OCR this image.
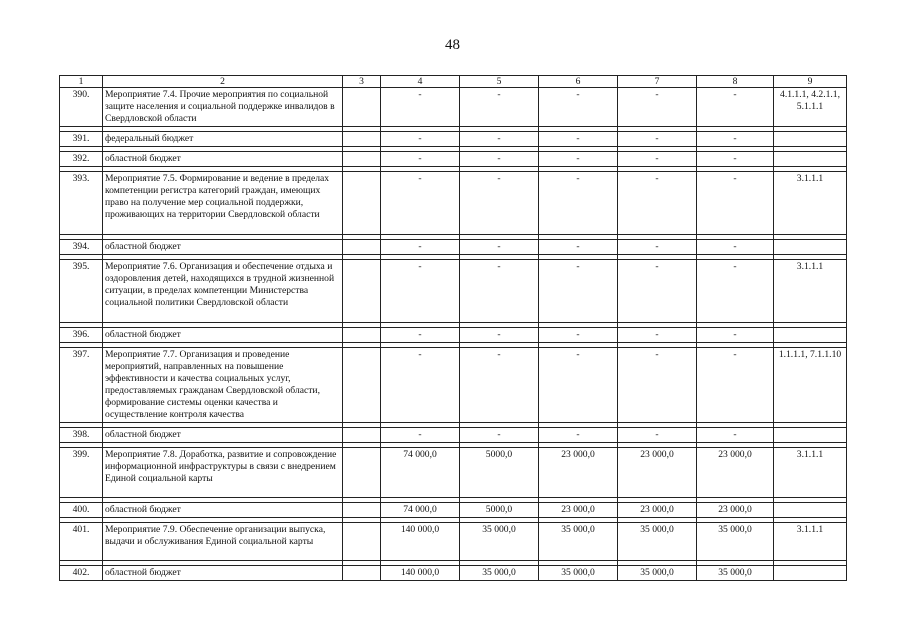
48
1	2	3	4	5	6	7	8	9
390.	Мероприятие 7.4. Прочие мероприятия по социальной защите населения и социальной поддержке инвалидов в Свердловской области		-	-	-	-	-	4.1.1.1, 4.2.1.1, 5.1.1.1

391.	федеральный бюджет		-	-	-	-	-	

392.	областной бюджет		-	-	-	-	-	

393.	Мероприятие 7.5. Формирование и ведение в пределах компетенции регистра категорий граждан, имеющих право на получение мер социальной поддержки, проживающих на территории Свердловской области		-	-	-	-	-	3.1.1.1

394.	областной бюджет		-	-	-	-	-	

395.	Мероприятие 7.6. Организация и обеспечение отдыха и оздоровления детей, находящихся в трудной жизненной ситуации, в пределах компетенции Министерства социальной политики Свердловской области		-	-	-	-	-	3.1.1.1

396.	областной бюджет		-	-	-	-	-	

397.	Мероприятие 7.7. Организация и проведение мероприятий, направленных на повышение эффективности и качества социальных услуг, предоставляемых гражданам Свердловской области, формирование системы оценки качества и осуществление контроля качества		-	-	-	-	-	1.1.1.1, 7.1.1.10

398.	областной бюджет		-	-	-	-	-	

399.	Мероприятие 7.8. Доработка, развитие и сопровождение информационной инфраструктуры в связи с внедрением Единой социальной карты		74 000,0	5000,0	23 000,0	23 000,0	23 000,0	3.1.1.1

400.	областной бюджет		74 000,0	5000,0	23 000,0	23 000,0	23 000,0	

401.	Мероприятие 7.9. Обеспечение организации выпуска, выдачи и обслуживания Единой социальной карты		140 000,0	35 000,0	35 000,0	35 000,0	35 000,0	3.1.1.1

402.	областной бюджет		140 000,0	35 000,0	35 000,0	35 000,0	35 000,0	
